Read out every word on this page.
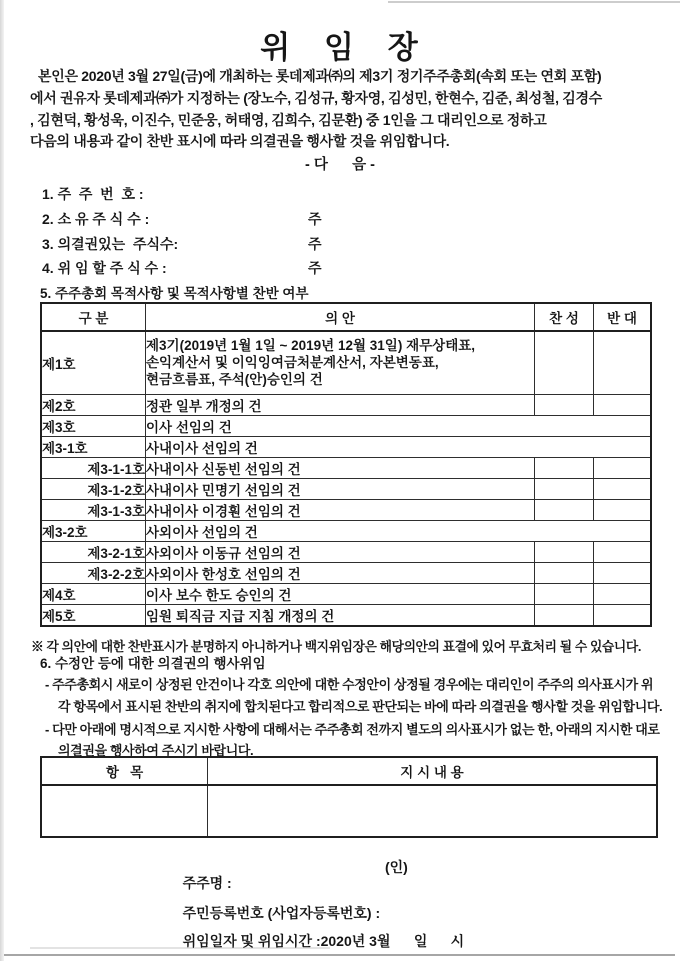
위   임   장
본인은 2020년 3월 27일(금)에 개최하는 롯데제과㈜의 제3기 정기주주총회(속회 또는 연회 포함)
에서 권유자 롯데제과㈜가 지정하는 (장노수, 김성규, 황자영, 김성민, 한현수, 김준, 최성철, 김경수
, 김현덕, 황성욱, 이진수, 민준웅, 허태영, 김희수, 김문환) 중 1인을 그 대리인으로 정하고
다음의 내용과 같이 찬반 표시에 따라 의결권을 행사할 것을 위임합니다.
- 다      음 -
1. 주  주  번  호 :
2. 소 유 주 식 수 :	주
3. 의결권있는  주식수:	주
4. 위 임 할 주 식 수 :	주
5. 주주총회 목적사항 및 목적사항별 찬반 여부
구 분	의 안	찬 성	반 대
제1호	제3기(2019년 1월 1일 ~ 2019년 12월 31일) 재무상태표,
손익계산서 및 이익잉여금처분계산서, 자본변동표,
현금흐름표, 주석(안)승인의 건		

제2호	정관 일부 개정의 건		
제3호	이사 선임의 건		
제3-1호	사내이사 선임의 건		
제3-1-1호	사내이사 신동빈 선임의 건		
제3-1-2호	사내이사 민명기 선임의 건		
제3-1-3호	사내이사 이경훤 선임의 건		
제3-2호	사외이사 선임의 건		
제3-2-1호	사외이사 이동규 선임의 건		
제3-2-2호	사외이사 한성호 선임의 건		
제4호	이사 보수 한도 승인의 건		
제5호	임원 퇴직금 지급 지침 개정의 건		
※ 각 의안에 대한 찬반표시가 분명하지 아니하거나 백지위임장은 해당의안의 표결에 있어 무효처리 될 수 있습니다.
6. 수정안 등에 대한 의결권의 행사위임
- 주주총회시 새로이 상정된 안건이나 각호 의안에 대한 수정안이 상정될 경우에는 대리인이 주주의 의사표시가 위
각 항목에서 표시된 찬반의 취지에 합치된다고 합리적으로 판단되는 바에 따라 의결권을 행사할 것을 위임합니다.
- 다만 아래에 명시적으로 지시한 사항에 대해서는 주주총회 전까지 별도의 의사표시가 없는 한, 아래의 지시한 대로
의결권을 행사하여 주시기 바랍니다.
항   목	지 시 내 용

주주명 :

(인)

주민등록번호 (사업자등록번호) :

위임일자 및 위임시간 :2020년 3월      일      시
